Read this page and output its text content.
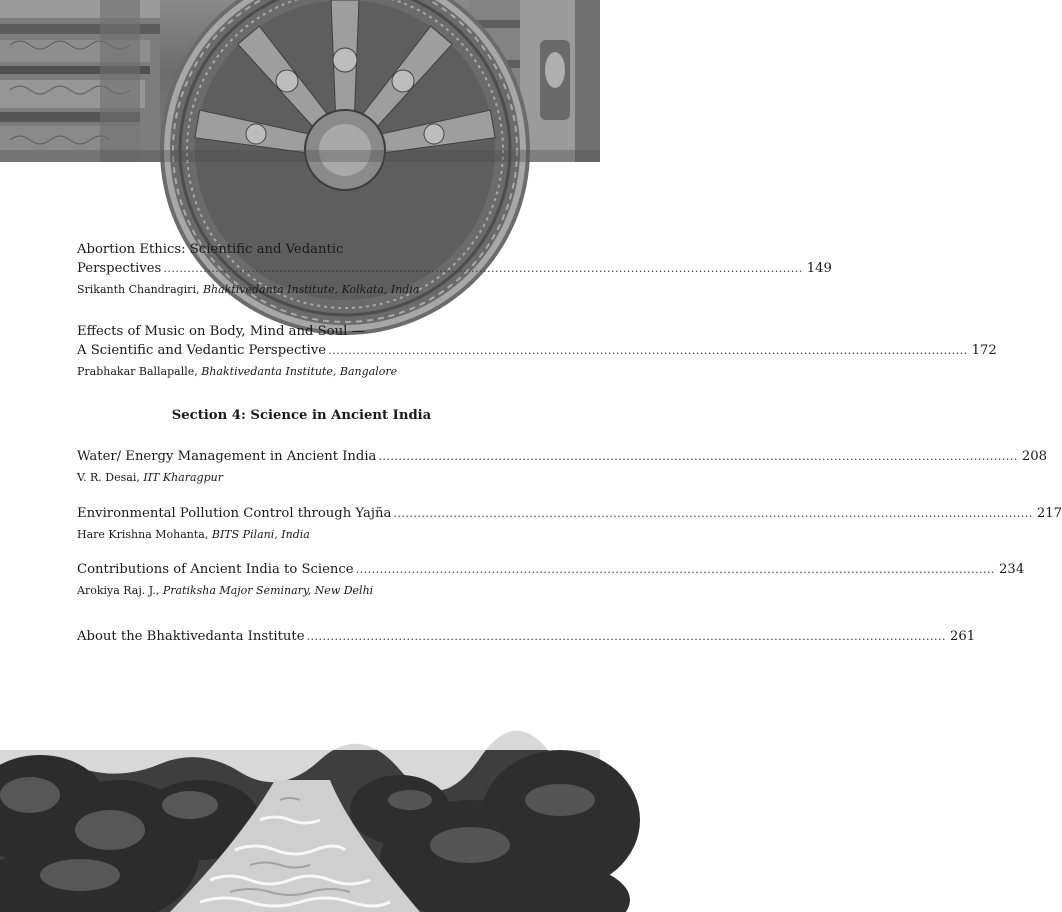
Abortion Ethics: Scientific and Vedantic
Perspectives ................................................................................................................................................................ 149
Srikanth Chandragiri, Bhaktivedanta Institute, Kolkata, India
Effects of Music on Body, Mind and Soul —
A Scientific and Vedantic Perspective ................................................................................................................................................................ 172
Prabhakar Ballapalle, Bhaktivedanta Institute, Bangalore
Section 4: Science in Ancient India
Water/ Energy Management in Ancient India ................................................................................................................................................................ 208
V. R. Desai, IIT Kharagpur
Environmental Pollution Control through Yajña ................................................................................................................................................................ 217
Hare Krishna Mohanta, BITS Pilani, India
Contributions of Ancient India to Science ................................................................................................................................................................ 234
Arokiya Raj. J., Pratiksha Major Seminary, New Delhi
About the Bhaktivedanta Institute ................................................................................................................................................................ 261
